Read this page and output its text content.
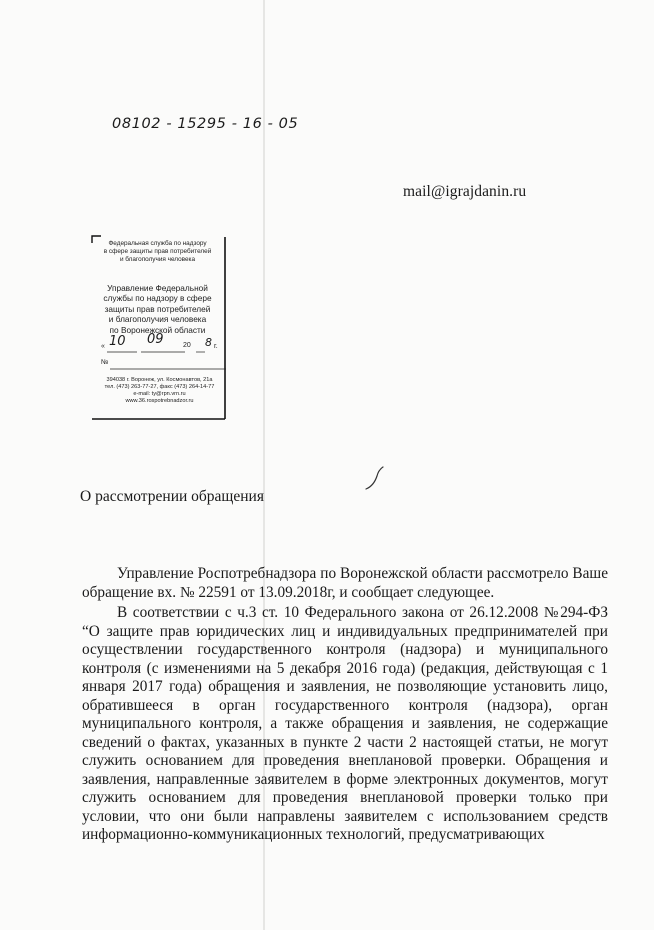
mail@igrajdanin.ru
Федеральная служба по надзору
в сфере защиты прав потребителей
и благополучия человека
Управление Федеральной
службы по надзору в сфере
защиты прав потребителей
и благополучия человека
по Воронежской области
« 10 09	20 8 г.
№
394038 г. Воронеж, ул. Космонавтов, 21а
тел. (473) 263-77-27, факс (473) 264-14-77
e-mail: ty@rpn.vrn.ru
www.36.rospotrebnadzor.ru
08102 - 15295 - 16 - 05
О рассмотрении обращения

Управление Роспотребнадзора по Воронежской области рассмотрело Ваше обращение вх. № 22591 от 13.09.2018г, и сообщает следующее.

В соответствии с ч.3 ст. 10 Федерального закона от 26.12.2008 №294-ФЗ “О защите прав юридических лиц и индивидуальных предпринимателей при осуществлении государственного контроля (надзора) и муниципального контроля (с изменениями на 5 декабря 2016 года) (редакция, действующая с 1 января 2017 года) обращения и заявления, не позволяющие установить лицо, обратившееся в орган государственного контроля (надзора), орган муниципального контроля, а также обращения и заявления, не содержащие сведений о фактах, указанных в пункте 2 части 2 настоящей статьи, не могут служить основанием для проведения внеплановой проверки. Обращения и заявления, направленные заявителем в форме электронных документов, могут служить основанием для проведения внеплановой проверки только при условии, что они были направлены заявителем с использованием средств информационно-коммуникационных технологий, предусматривающих
